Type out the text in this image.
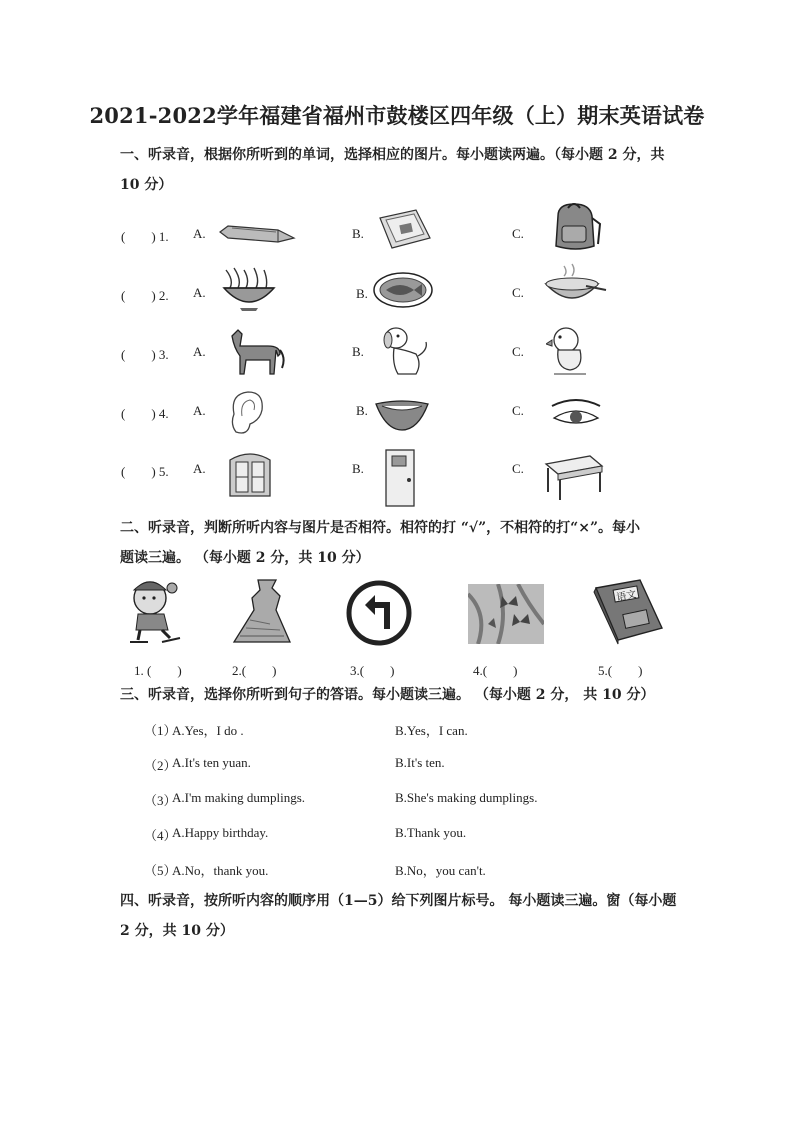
2021-2022学年福建省福州市鼓楼区四年级（上）期末英语试卷
一、听录音，根据你所听到的单词，选择相应的图片。每小题读两遍。（每小题 2 分，共
10 分）
(　　) 1. A.	B.	C.
(　　) 2. A.	B.	C.
(　　) 3. A.	B.	C.
(　　) 4. A.	B.	C.
(　　) 5. A.	B.	C.
二、听录音，判断所听内容与图片是否相符。相符的打 “√”，不相符的打“×”。每小
题读三遍。 （每小题 2 分，共 10 分）
语文
1. (　　)	2.(　　)	3.(　　)	4.(　　)	5.(　　)
三、听录音，选择你所听到句子的答语。每小题读三遍。 （每小题 2 分， 共 10 分）
（1）
A.Yes，I do .	B.Yes，I can.
（2）
A.It's ten yuan.	B.It's ten.
（3）
A.I'm making dumplings.	B.She's making dumplings.
（4）
A.Happy birthday.	B.Thank you.
（5）
A.No，thank you.	B.No，you can't.
四、听录音，按所听内容的顺序用（1—5）给下列图片标号。 每小题读三遍。窗（每小题
2 分，共 10 分）
